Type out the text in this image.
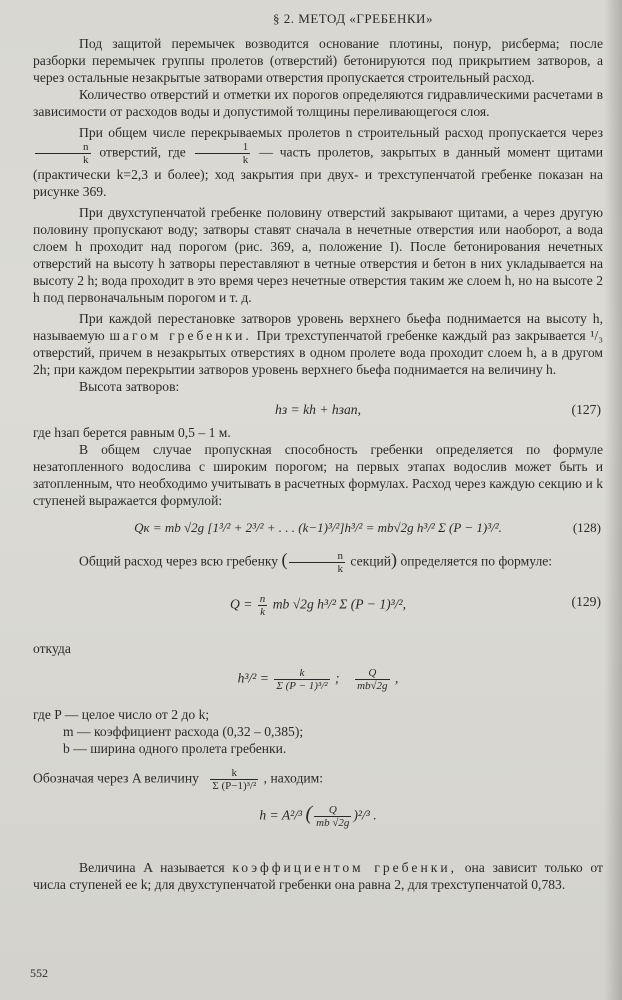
§ 2. МЕТОД «ГРЕБЕНКИ»

Под защитой перемычек возводится основание плотины, понур, рисберма; после разборки перемычек группы пролетов (отверстий) бетонируются под прикрытием затворов, а через остальные незакрытые затворами отверстия пропускается строительный расход.

Количество отверстий и отметки их порогов определяются гидравлическими расчетами в зависимости от расходов воды и допустимой толщины переливающегося слоя.

При общем числе перекрываемых пролетов n строительный расход пропускается через
$\frac{n}{k}$ отверстий, где $\frac{1}{k}$ — часть пролетов, закрытых в данный момент щитами (практически k=2,3 и более); ход закрытия при двух- и трехступенчатой гребенке показан на рисунке 369.

При двухступенчатой гребенке половину отверстий закрывают щитами, а через другую половину пропускают воду; затворы ставят сначала в нечетные отверстия или наоборот, а вода слоем h проходит над порогом (рис. 369, а, положение I). После бетонирования нечетных отверстий на высоту h затворы переставляют в четные отверстия и бетон в них укладывается на высоту 2 h; вода проходит в это время через нечетные отверстия таким же слоем h, но на высоте 2 h под первоначальным порогом и т. д.

При каждой перестановке затворов уровень верхнего бьефа поднимается на высоту h, называемую шагом гребенки. При трехступенчатой гребенке каждый раз закрывается ¹/₃ отверстий, причем в незакрытых отверстиях в одном пролете вода проходит слоем h, а в другом 2h; при каждом перекрытии затворов уровень верхнего бьефа поднимается на величину h.

Высота затворов:

hз = kh + hзап,	(127)

где hзап берется равным 0,5 – 1 м.

В общем случае пропускная способность гребенки определяется по формуле незатопленного водослива с широким порогом; на первых этапах водослив может быть и затопленным, что необходимо учитывать в расчетных формулах. Расход через каждую секцию и k ступеней выражается формулой:

Qк = mb √2g [1³/² + 2³/² + . . . (k−1)³/²]h³/² = mb√2g h³/² Σ (P − 1)³/².	(128)

Общий расход через всю гребенку ( $\frac{n}{k}$ секций) определяется по формуле:

$Q = \frac{n}{k}$ mb √2g h³/² Σ (P − 1)³/²,	(129)

откуда

$h^3/^2 = \frac{k}{\text{Σ (P − 1)³/²}}$ ; $\frac{Q}{mb√2g}$ ,

где P — целое число от 2 до k;

m — коэффициент расхода (0,32 – 0,385);

b — ширина одного пролета гребенки.

Обозначая через A величину $\frac{k}{\text{Σ (P−1)³/²}}$ , находим:

h = A²/³ ( $\frac{Q}{mb √2g} )^2/^3$ .

Величина A называется коэффициентом гребенки, она зависит только от числа ступеней ее k; для двухступенчатой гребенки она равна 2, для трехступенчатой 0,783.

552
